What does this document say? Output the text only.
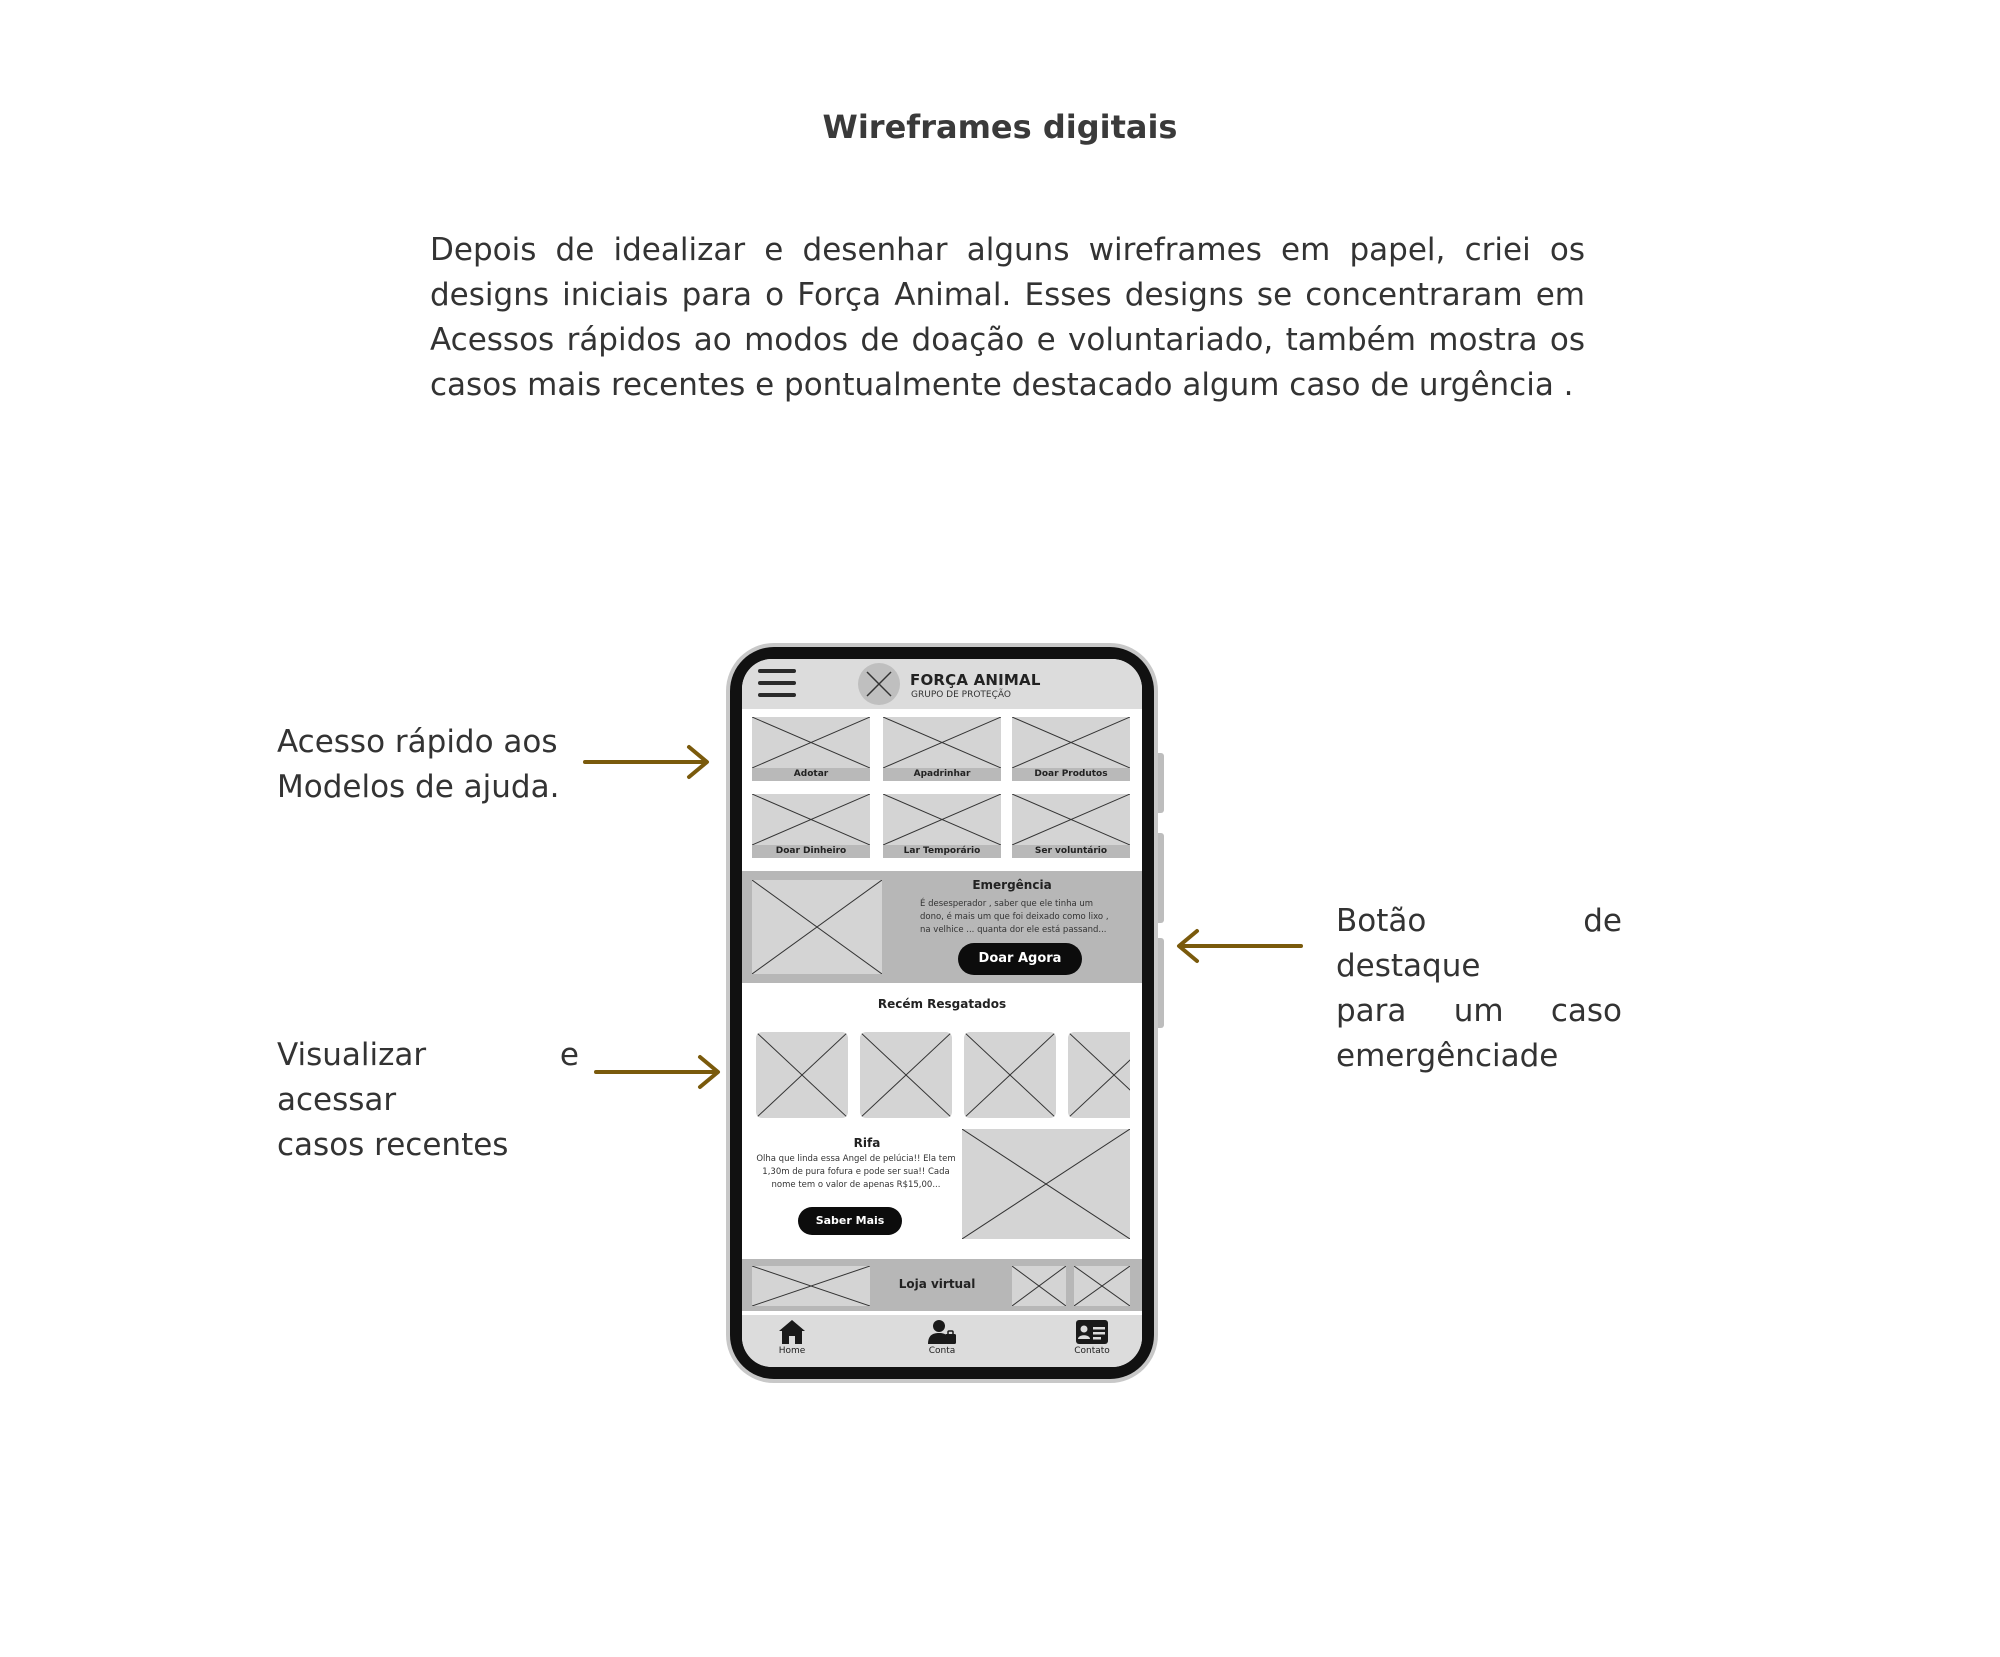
Wireframes digitais
Depois de idealizar e desenhar alguns wireframes em papel, criei os designs iniciais para o Força Animal. Esses designs se concentraram em Acessos rápidos ao modos de doação e voluntariado, também mostra os casos mais recentes e pontualmente destacado algum caso de urgência .
Acesso rápido aos
Modelos de ajuda.
Visualizar e acessar
casos recentes
Botão de destaque
para um caso
emergênciade
FORÇA ANIMAL
GRUPO DE PROTEÇÃO
Adotar	Apadrinhar	Doar Produtos
Doar Dinheiro	Lar Temporário	Ser voluntário
Emergência
É desesperador , saber que ele tinha um dono, é mais um que foi deixado como lixo , na velhice ... quanta dor ele está passand...
Doar Agora
Recém Resgatados
Rifa
Olha que linda essa Angel de pelúcia!! Ela tem 1,30m de pura fofura e pode ser sua!! Cada nome tem o valor de apenas R$15,00...
Saber Mais
Loja virtual
Home	Conta	Contato
